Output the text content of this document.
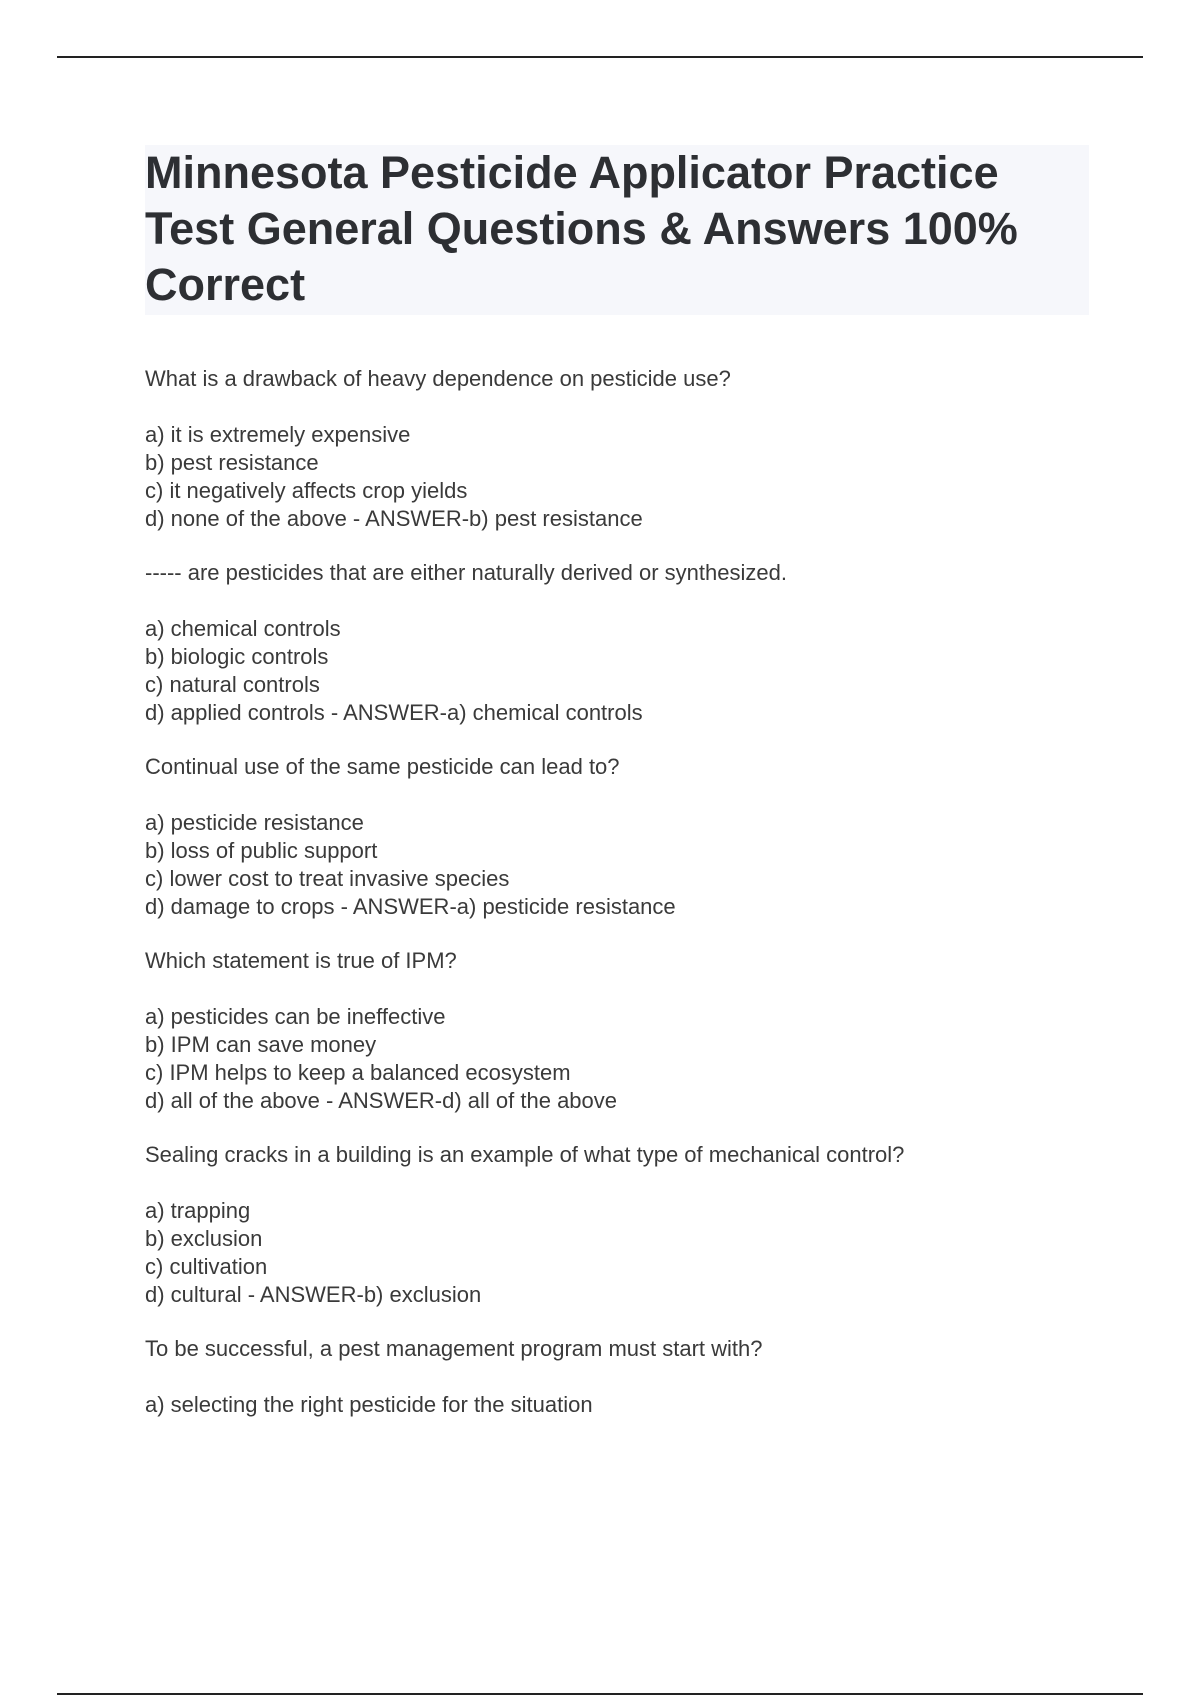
Minnesota Pesticide Applicator Practice
Test General Questions & Answers 100%
Correct

What is a drawback of heavy dependence on pesticide use?

a) it is extremely expensive
b) pest resistance
c) it negatively affects crop yields
d) none of the above - ANSWER-b) pest resistance

----- are pesticides that are either naturally derived or synthesized.

a) chemical controls
b) biologic controls
c) natural controls
d) applied controls - ANSWER-a) chemical controls

Continual use of the same pesticide can lead to?

a) pesticide resistance
b) loss of public support
c) lower cost to treat invasive species
d) damage to crops - ANSWER-a) pesticide resistance

Which statement is true of IPM?

a) pesticides can be ineffective
b) IPM can save money
c) IPM helps to keep a balanced ecosystem
d) all of the above - ANSWER-d) all of the above

Sealing cracks in a building is an example of what type of mechanical control?

a) trapping
b) exclusion
c) cultivation
d) cultural - ANSWER-b) exclusion

To be successful, a pest management program must start with?

a) selecting the right pesticide for the situation
